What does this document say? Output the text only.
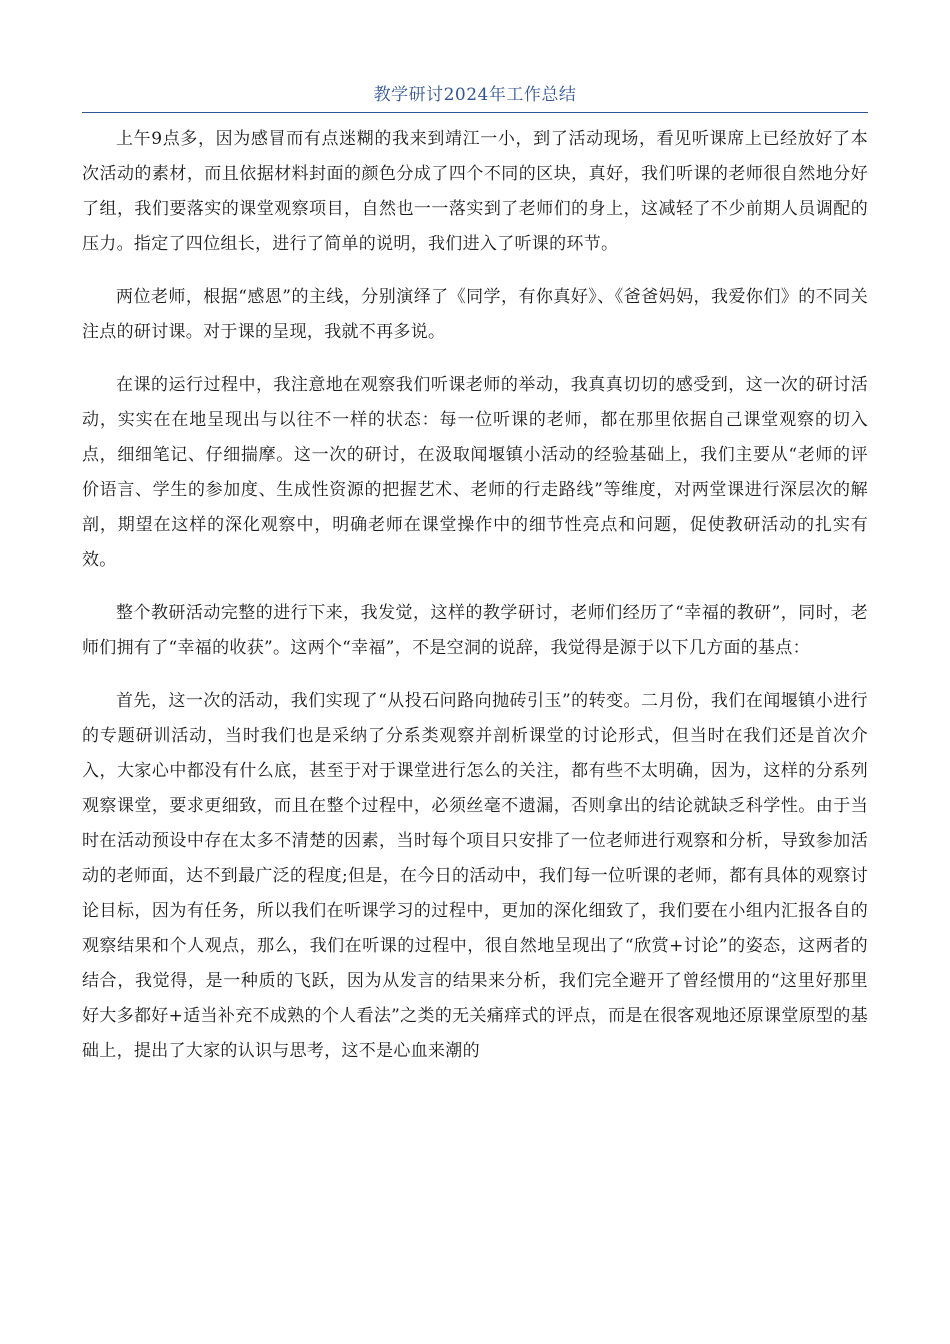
教学研讨2024年工作总结

上午9点多，因为感冒而有点迷糊的我来到靖江一小，到了活动现场，看见听课席上已经放好了本次活动的素材，而且依据材料封面的颜色分成了四个不同的区块，真好，我们听课的老师很自然地分好了组，我们要落实的课堂观察项目，自然也一一落实到了老师们的身上，这减轻了不少前期人员调配的压力。指定了四位组长，进行了简单的说明，我们进入了听课的环节。

两位老师，根据“感恩”的主线，分别演绎了《同学，有你真好》、《爸爸妈妈，我爱你们》的不同关注点的研讨课。对于课的呈现，我就不再多说。

在课的运行过程中，我注意地在观察我们听课老师的举动，我真真切切的感受到，这一次的研讨活动，实实在在地呈现出与以往不一样的状态：每一位听课的老师，都在那里依据自己课堂观察的切入点，细细笔记、仔细揣摩。这一次的研讨，在汲取闻堰镇小活动的经验基础上，我们主要从“老师的评价语言、学生的参加度、生成性资源的把握艺术、老师的行走路线”等维度，对两堂课进行深层次的解剖，期望在这样的深化观察中，明确老师在课堂操作中的细节性亮点和问题，促使教研活动的扎实有效。

整个教研活动完整的进行下来，我发觉，这样的教学研讨，老师们经历了“幸福的教研”，同时，老师们拥有了“幸福的收获”。这两个“幸福”，不是空洞的说辞，我觉得是源于以下几方面的基点：

首先，这一次的活动，我们实现了“从投石问路向抛砖引玉”的转变。二月份，我们在闻堰镇小进行的专题研训活动，当时我们也是采纳了分系类观察并剖析课堂的讨论形式，但当时在我们还是首次介入，大家心中都没有什么底，甚至于对于课堂进行怎么的关注，都有些不太明确，因为，这样的分系列观察课堂，要求更细致，而且在整个过程中，必须丝毫不遗漏，否则拿出的结论就缺乏科学性。由于当时在活动预设中存在太多不清楚的因素，当时每个项目只安排了一位老师进行观察和分析，导致参加活动的老师面，达不到最广泛的程度;但是，在今日的活动中，我们每一位听课的老师，都有具体的观察讨论目标，因为有任务，所以我们在听课学习的过程中，更加的深化细致了，我们要在小组内汇报各自的观察结果和个人观点，那么，我们在听课的过程中，很自然地呈现出了“欣赏+讨论”的姿态，这两者的结合，我觉得，是一种质的飞跃，因为从发言的结果来分析，我们完全避开了曾经惯用的“这里好那里好大多都好+适当补充不成熟的个人看法”之类的无关痛痒式的评点，而是在很客观地还原课堂原型的基础上，提出了大家的认识与思考，这不是心血来潮的
